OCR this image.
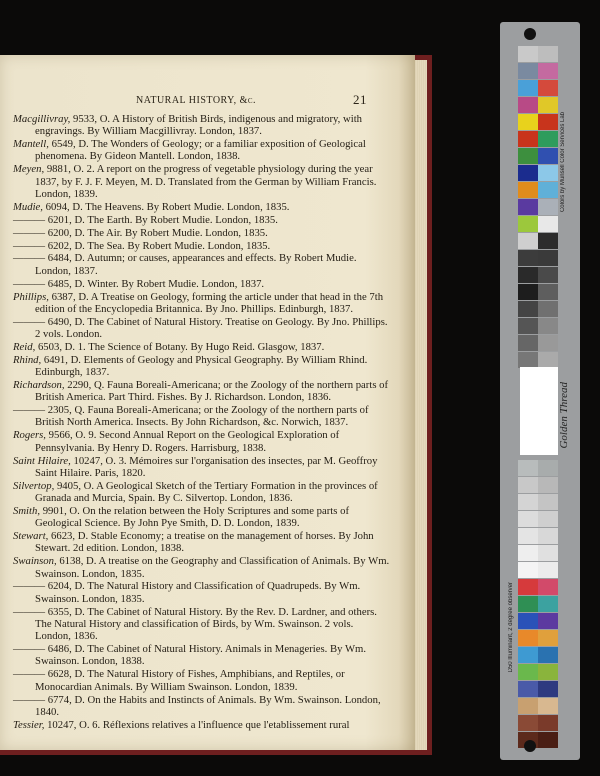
NATURAL HISTORY, &c.	21
Macgillivray, 9533, O. A History of British Birds, indigenous and migratory, with engravings. By William Macgillivray. London, 1837.
Mantell, 6549, D. The Wonders of Geology; or a familiar exposition of Geological phenomena. By Gideon Mantell. London, 1838.
Meyen, 9881, O. 2. A report on the progress of vegetable physiology during the year 1837, by F. J. F. Meyen, M. D. Translated from the German by William Francis. London, 1839.
Mudie, 6094, D. The Heavens. By Robert Mudie. London, 1835.
——— 6201, D. The Earth. By Robert Mudie. London, 1835.
——— 6200, D. The Air. By Robert Mudie. London, 1835.
——— 6202, D. The Sea. By Robert Mudie. London, 1835.
——— 6484, D. Autumn; or causes, appearances and effects. By Robert Mudie. London, 1837.
——— 6485, D. Winter. By Robert Mudie. London, 1837.
Phillips, 6387, D. A Treatise on Geology, forming the article under that head in the 7th edition of the Encyclopedia Britannica. By Jno. Phillips. Edinburgh, 1837.
——— 6490, D. The Cabinet of Natural History. Treatise on Geology. By Jno. Phillips. 2 vols. London.
Reid, 6503, D. 1. The Science of Botany. By Hugo Reid. Glasgow, 1837.
Rhind, 6491, D. Elements of Geology and Physical Geography. By William Rhind. Edinburgh, 1837.
Richardson, 2290, Q. Fauna Boreali-Americana; or the Zoology of the northern parts of British America. Part Third. Fishes. By J. Richardson. London, 1836.
——— 2305, Q. Fauna Boreali-Americana; or the Zoology of the northern parts of British North America. Insects. By John Richardson, &c. Norwich, 1837.
Rogers, 9566, O. 9. Second Annual Report on the Geological Exploration of Pennsylvania. By Henry D. Rogers. Harrisburg, 1838.
Saint Hilaire, 10247, O. 3. Mémoires sur l'organisation des insectes, par M. Geoffroy Saint Hilaire. Paris, 1820.
Silvertop, 9405, O. A Geological Sketch of the Tertiary Formation in the provinces of Granada and Murcia, Spain. By C. Silvertop. London, 1836.
Smith, 9901, O. On the relation between the Holy Scriptures and some parts of Geological Science. By John Pye Smith, D. D. London, 1839.
Stewart, 6623, D. Stable Economy; a treatise on the management of horses. By John Stewart. 2d edition. London, 1838.
Swainson, 6138, D. A treatise on the Geography and Classification of Animals. By Wm. Swainson. London, 1835.
——— 6204, D. The Natural History and Classification of Quadrupeds. By Wm. Swainson. London, 1835.
——— 6355, D. The Cabinet of Natural History. By the Rev. D. Lardner, and others. The Natural History and classification of Birds, by Wm. Swainson. 2 vols. London, 1836.
——— 6486, D. The Cabinet of Natural History. Animals in Menageries. By Wm. Swainson. London, 1838.
——— 6628, D. The Natural History of Fishes, Amphibians, and Reptiles, or Monocardian Animals. By William Swainson. London, 1839.
——— 6774, D. On the Habits and Instincts of Animals. By Wm. Swainson. London, 1840.
Tessier, 10247, O. 6. Réflexions relatives a l'influence que l'etablissement rural
Colors by Munsell Color Services Lab
Golden Thread
D50 Illuminant, 2 degree observer
